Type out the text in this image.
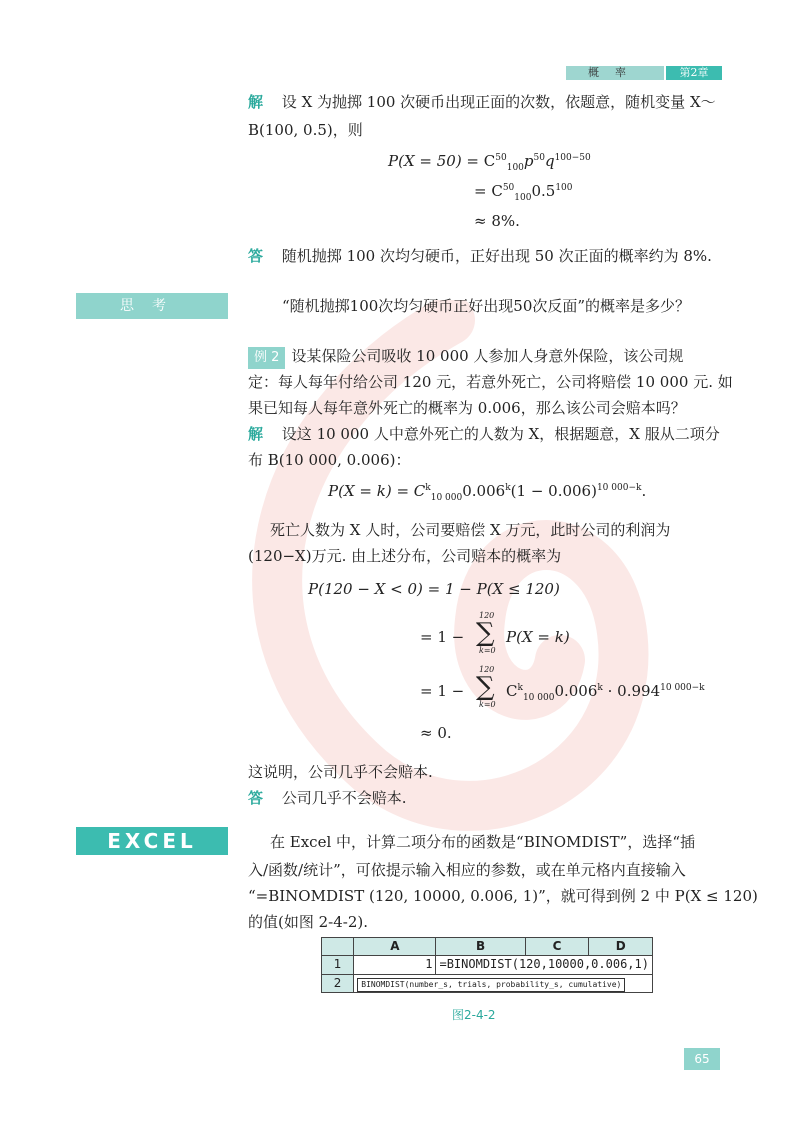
概率	第2章
解 设 X 为抛掷 100 次硬币出现正面的次数，依题意，随机变量 X～
B(100, 0.5)，则
$P(X = 50) = C^{50}_{100}p^{50}q^{100-50}$
= $C^{50}_{100}0.5^{100}$
≈ 8%.
答 随机抛掷 100 次均匀硬币，正好出现 50 次正面的概率约为 8%.
思考	“随机抛掷100次均匀硬币正好出现50次反面”的概率是多少？
例 2 设某保险公司吸收 10 000 人参加人身意外保险，该公司规
定：每人每年付给公司 120 元，若意外死亡，公司将赔偿 10 000 元. 如
果已知每人每年意外死亡的概率为 0.006，那么该公司会赔本吗？
解 设这 10 000 人中意外死亡的人数为 X，根据题意，X 服从二项分
布 B(10 000, 0.006)：
$P(X = k) = C^k_{10 000}0.006^k(1 - 0.006)^{10 000-k}$.
死亡人数为 X 人时，公司要赔偿 X 万元，此时公司的利润为
(120−X)万元. 由上述分布，公司赔本的概率为
P(120 − X < 0) = 1 − P(X ≤ 120)
= 1 −
120
∑
k=0
P(X = k)
= 1 −
120
∑
k=0
$C^k_{10 000}0.006^k \cdot 0.994^{10 000-k}$
≈ 0.
这说明，公司几乎不会赔本.
答 公司几乎不会赔本.
EXCEL	在 Excel 中，计算二项分布的函数是“BINOMDIST”，选择“插
入/函数/统计”，可依提示输入相应的参数，或在单元格内直接输入
“=BINOMDIST (120, 10000, 0.006, 1)”，就可得到例 2 中 P(X ≤ 120)
的值(如图 2-4-2).
	A	B	C	D
1	1	=BINOMDIST(120,10000,0.006,1)		
2	BINOMDIST(number_s, trials, probability_s, cumulative)			
图2-4-2
65
